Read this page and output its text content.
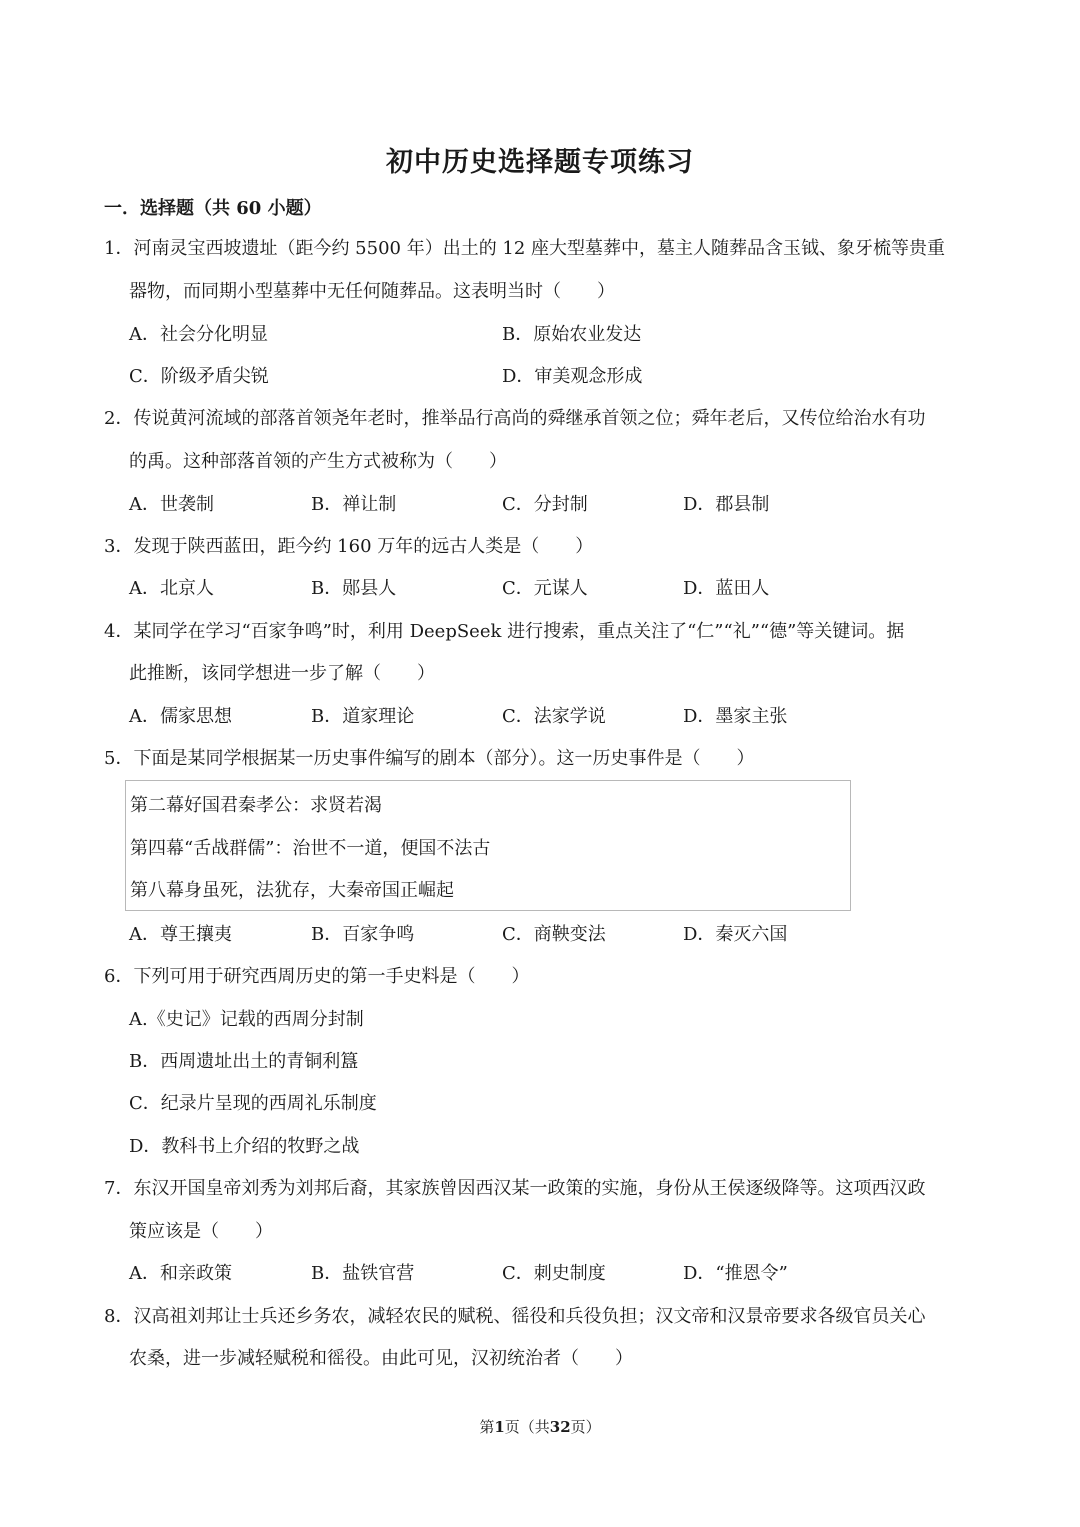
初中历史选择题专项练习
一．选择题（共 60 小题）
1．河南灵宝西坡遗址（距今约 5500 年）出土的 12 座大型墓葬中，墓主人随葬品含玉钺、象牙梳等贵重
器物，而同期小型墓葬中无任何随葬品。这表明当时（　　）
A．社会分化明显	B．原始农业发达
C．阶级矛盾尖锐	D．审美观念形成
2．传说黄河流域的部落首领尧年老时，推举品行高尚的舜继承首领之位；舜年老后，又传位给治水有功
的禹。这种部落首领的产生方式被称为（　　）
A．世袭制	B．禅让制	C．分封制	D．郡县制
3．发现于陕西蓝田，距今约 160 万年的远古人类是（　　）
A．北京人	B．郧县人	C．元谋人	D．蓝田人
4．某同学在学习“百家争鸣”时，利用 DeepSeek 进行搜索，重点关注了“仁”“礼”“德”等关键词。据
此推断，该同学想进一步了解（　　）
A．儒家思想	B．道家理论	C．法家学说	D．墨家主张
5．下面是某同学根据某一历史事件编写的剧本（部分）。这一历史事件是（　　）
第二幕好国君秦孝公：求贤若渴
第四幕“舌战群儒”：治世不一道，便国不法古
第八幕身虽死，法犹存，大秦帝国正崛起
A．尊王攘夷	B．百家争鸣	C．商鞅变法	D．秦灭六国
6．下列可用于研究西周历史的第一手史料是（　　）
A.《史记》记载的西周分封制
B．西周遗址出土的青铜利簋
C．纪录片呈现的西周礼乐制度
D．教科书上介绍的牧野之战
7．东汉开国皇帝刘秀为刘邦后裔，其家族曾因西汉某一政策的实施，身份从王侯逐级降等。这项西汉政
策应该是（　　）
A．和亲政策	B．盐铁官营	C．刺史制度	D．“推恩令”
8．汉高祖刘邦让士兵还乡务农，减轻农民的赋税、徭役和兵役负担；汉文帝和汉景帝要求各级官员关心
农桑，进一步减轻赋税和徭役。由此可见，汉初统治者（　　）
第1页（共32页）
